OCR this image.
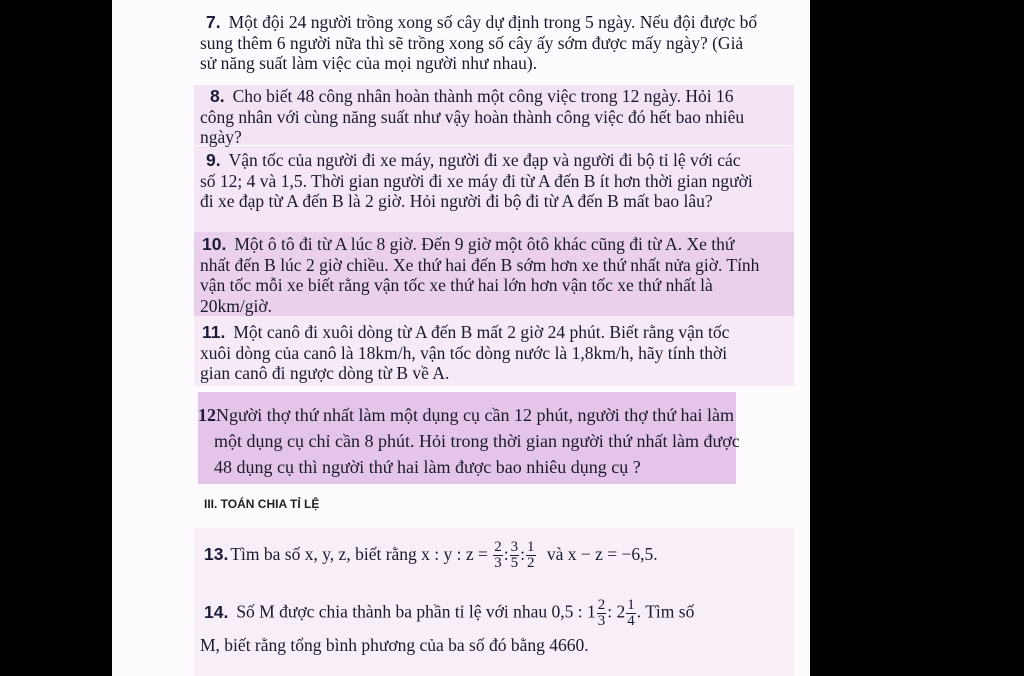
7. Một đội 24 người trồng xong số cây dự định trong 5 ngày. Nếu đội được bổ sung thêm 6 người nữa thì sẽ trồng xong số cây ấy sớm được mấy ngày? (Giả sử năng suất làm việc của mọi người như nhau).
8. Cho biết 48 công nhân hoàn thành một công việc trong 12 ngày. Hỏi 16 công nhân với cùng năng suất như vậy hoàn thành công việc đó hết bao nhiêu ngày?
9. Vận tốc của người đi xe máy, người đi xe đạp và người đi bộ tỉ lệ với các số 12; 4 và 1,5. Thời gian người đi xe máy đi từ A đến B ít hơn thời gian người đi xe đạp từ A đến B là 2 giờ. Hỏi người đi bộ đi từ A đến B mất bao lâu?
10. Một ô tô đi từ A lúc 8 giờ. Đến 9 giờ một ôtô khác cũng đi từ A. Xe thứ nhất đến B lúc 2 giờ chiều. Xe thứ hai đến B sớm hơn xe thứ nhất nửa giờ. Tính vận tốc mỗi xe biết rằng vận tốc xe thứ hai lớn hơn vận tốc xe thứ nhất là 20km/giờ.
11. Một canô đi xuôi dòng từ A đến B mất 2 giờ 24 phút. Biết rằng vận tốc xuôi dòng của canô là 18km/h, vận tốc dòng nước là 1,8km/h, hãy tính thời gian canô đi ngược dòng từ B về A.
12Người thợ thứ nhất làm một dụng cụ cần 12 phút, người thợ thứ hai làm một dụng cụ chỉ cần 8 phút. Hỏi trong thời gian người thứ nhất làm được 48 dụng cụ thì người thứ hai làm được bao nhiêu dụng cụ ?
III. TOÁN CHIA TỈ LỆ
13. Tìm ba số x, y, z, biết rằng x : y : $z = \frac{2}{3}$ : $\frac{3}{5}$ : $\frac{1}{2}$ và x − z = −6,5.
14. Số M được chia thành ba phần tỉ lệ với nhau 0,5 : $1 \frac{2}{3}$ : $2 \frac{1}{4}$ . Tìm số
M, biết rằng tổng bình phương của ba số đó bằng 4660.
